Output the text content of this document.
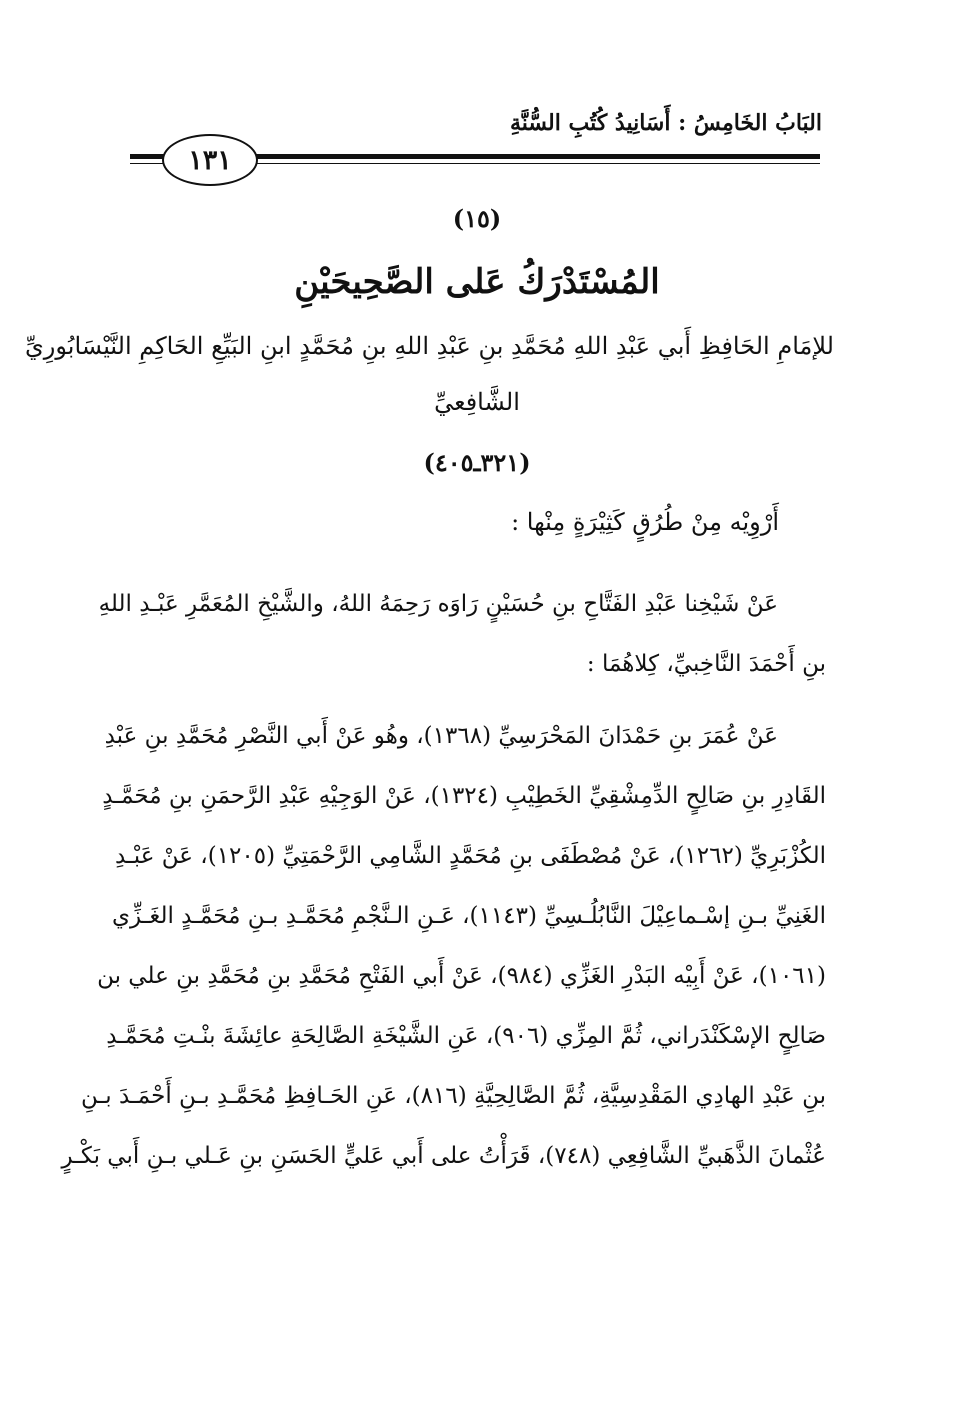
البَابُ الخَامِسُ : أَسَانِيدُ كُتُبِ السُّنَّةِ
١٣١
(١٥)
المُسْتَدْرَكُ عَلى الصَّحِيحَيْنِ
للإمَامِ الحَافِظِ أَبي عَبْدِ اللهِ مُحَمَّدِ بنِ عَبْدِ اللهِ بنِ مُحَمَّدٍ ابنِ البَيِّعِ الحَاكِمِ النَّيْسَابُورِيِّ
الشَّافِعيِّ
(٣٢١ـ٤٠٥)
أَرْوِيْه مِنْ طُرُقٍ كَثِيْرَةٍ مِنْها :
عَنْ شَيْخِنا عَبْدِ الفَتَّاحِ بنِ حُسَيْنٍ رَاوَه رَحِمَهُ اللهُ، والشَّيْخِ المُعَمَّرِ عَبْـدِ اللهِ
بنِ أَحْمَدَ النَّاخِبيِّ، كِلاهُمَا :
عَنْ عُمَرَ بنِ حَمْدَانَ المَحْرَسِيِّ (١٣٦٨)، وهُو عَنْ أَبي النَّصْرِ مُحَمَّدِ بنِ عَبْدِ
القَادِرِ بنِ صَالِحٍ الدِّمِشْقِيِّ الخَطِيْبِ (١٣٢٤)، عَنْ الوَجِيْهِ عَبْدِ الرَّحمَنِ بنِ مُحَمَّـدٍ
الكُزْبَرِيِّ (١٢٦٢)، عَنْ مُصْطَفَى بنِ مُحَمَّدٍ الشَّامِي الرَّحْمَتِيِّ (١٢٠٥)، عَنْ عَبْـدِ
الغَنِيِّ بـنِ إسْـماعِيْلَ النَّابُلُـسِيِّ (١١٤٣)، عَـنِ الـنَّجْمِ مُحَمَّـدِ بـنِ مُحَمَّـدٍ الغَـزِّي
(١٠٦١)، عَنْ أَبِيْه البَدْرِ الغَزِّي (٩٨٤)، عَنْ أَبي الفَتْحِ مُحَمَّدِ بنِ مُحَمَّدِ بنِ علي بن
صَالِحٍ الإسْكَنْدَراني، ثُمَّ المِزِّي (٩٠٦)، عَنِ الشَّيْخَةِ الصَّالِحَةِ عائِشَةَ بنْـتِ مُحَمَّـدِ
بنِ عَبْدِ الهادِي المَقْدِسِيَّةِ، ثُمَّ الصَّالِحِيَّةِ (٨١٦)، عَنِ الحَـافِظِ مُحَمَّـدِ بـنِ أَحْمَـدَ بـنِ
عُثْمانَ الذَّهَبيِّ الشَّافِعِي (٧٤٨)، قَرَأْتُ على أَبي عَليٍّ الحَسَنِ بنِ عَـلي بـنِ أَبي بَكْـرٍ
